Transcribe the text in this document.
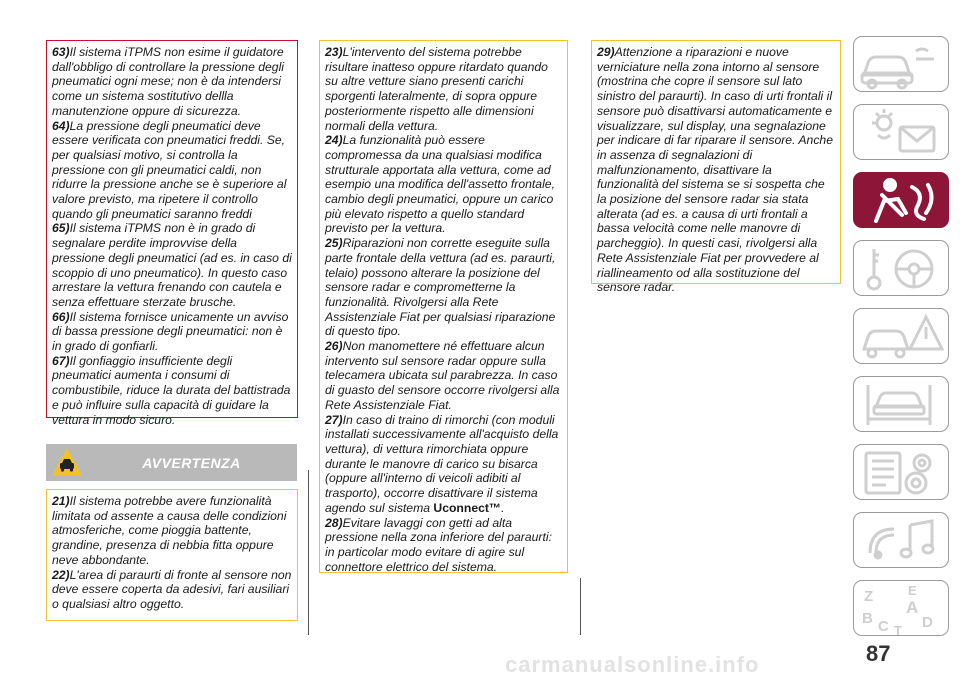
63)Il sistema iTPMS non esime il guidatore dall'obbligo di controllare la pressione degli pneumatici ogni mese; non è da intendersi come un sistema sostitutivo dellla manutenzione oppure di sicurezza.

64)La pressione degli pneumatici deve essere verificata con pneumatici freddi. Se, per qualsiasi motivo, si controlla la pressione con gli pneumatici caldi, non ridurre la pressione anche se è superiore al valore previsto, ma ripetere il controllo quando gli pneumatici saranno freddi

65)Il sistema iTPMS non è in grado di segnalare perdite improvvise della pressione degli pneumatici (ad es. in caso di scoppio di uno pneumatico). In questo caso arrestare la vettura frenando con cautela e senza effettuare sterzate brusche.

66)Il sistema fornisce unicamente un avviso di bassa pressione degli pneumatici: non è in grado di gonfiarli.

67)Il gonfiaggio insufficiente degli pneumatici aumenta i consumi di combustibile, riduce la durata del battistrada e può influire sulla capacità di guidare la vettura in modo sicuro.

AVVERTENZA

21)Il sistema potrebbe avere funzionalità limitata od assente a causa delle condizioni atmosferiche, come pioggia battente, grandine, presenza di nebbia fitta oppure neve abbondante.

22)L'area di paraurti di fronte al sensore non deve essere coperta da adesivi, fari ausiliari o qualsiasi altro oggetto.

23)L'intervento del sistema potrebbe risultare inatteso oppure ritardato quando su altre vetture siano presenti carichi sporgenti lateralmente, di sopra oppure posteriormente rispetto alle dimensioni normali della vettura.

24)La funzionalità può essere compromessa da una qualsiasi modifica strutturale apportata alla vettura, come ad esempio una modifica dell'assetto frontale, cambio degli pneumatici, oppure un carico più elevato rispetto a quello standard previsto per la vettura.

25)Riparazioni non corrette eseguite sulla parte frontale della vettura (ad es. paraurti, telaio) possono alterare la posizione del sensore radar e comprometterne la funzionalità. Rivolgersi alla Rete Assistenziale Fiat per qualsiasi riparazione di questo tipo.

26)Non manomettere né effettuare alcun intervento sul sensore radar oppure sulla telecamera ubicata sul parabrezza. In caso di guasto del sensore occorre rivolgersi alla Rete Assistenziale Fiat.

27)In caso di traino di rimorchi (con moduli installati successivamente all'acquisto della vettura), di vettura rimorchiata oppure durante le manovre di carico su bisarca (oppure all'interno di veicoli adibiti al trasporto), occorre disattivare il sistema agendo sul sistema Uconnect™.

28)Evitare lavaggi con getti ad alta pressione nella zona inferiore del paraurti: in particolar modo evitare di agire sul connettore elettrico del sistema.

29)Attenzione a riparazioni e nuove verniciature nella zona intorno al sensore (mostrina che copre il sensore sul lato sinistro del paraurti). In caso di urti frontali il sensore può disattivarsi automaticamente e visualizzare, sul display, una segnalazione per indicare di far riparare il sensore. Anche in assenza di segnalazioni di malfunzionamento, disattivare la funzionalità del sistema se si sospetta che la posizione del sensore radar sia stata alterata (ad es. a causa di urti frontali a bassa velocità come nelle manovre di parcheggio). In questi casi, rivolgersi alla Rete Assistenziale Fiat per provvedere al riallineamento od alla sostituzione del sensore radar.

Z	E
B
A
C D
T
87
carmanualsonline.info
